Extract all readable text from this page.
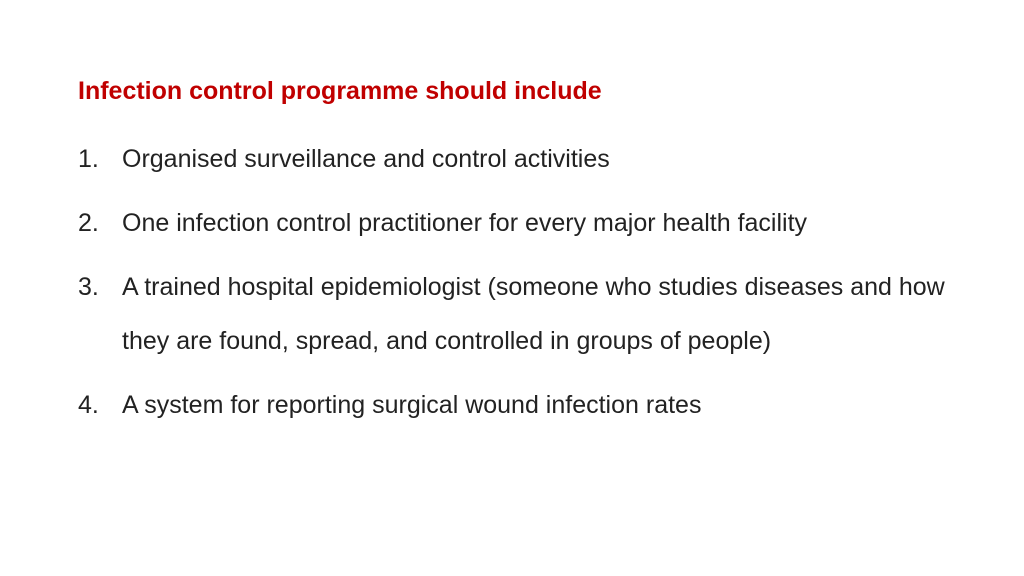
Infection control programme should include
1. Organised surveillance and control activities
2. One infection control practitioner for every major health facility
3. A trained hospital epidemiologist (someone who studies diseases and how they are found, spread, and controlled in groups of people)
4. A system for reporting surgical wound infection rates
